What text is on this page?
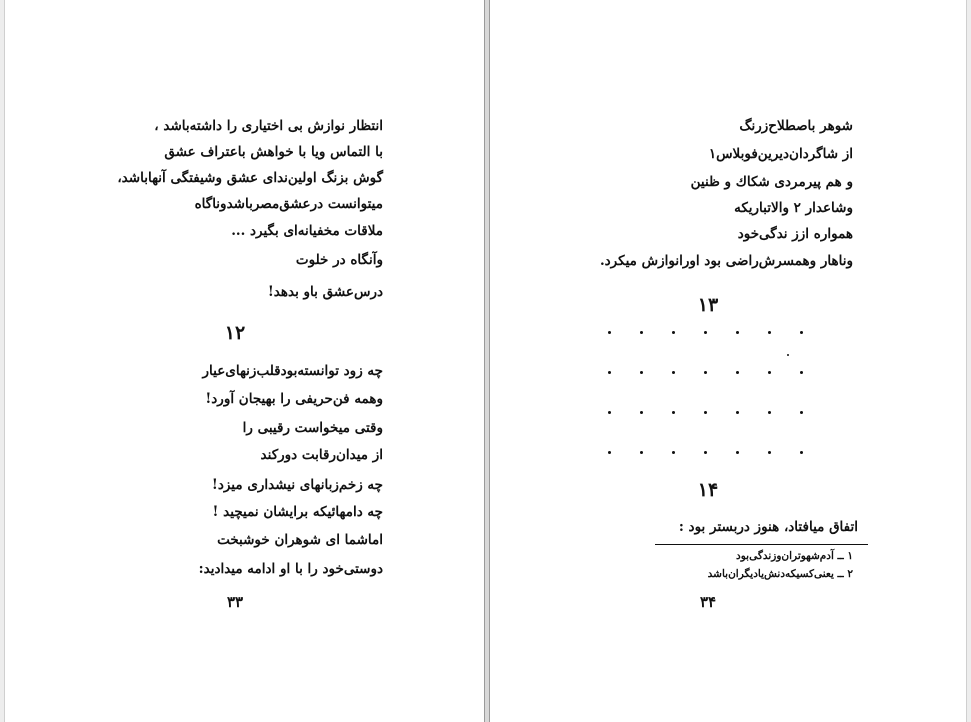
انتظار نوازش بی اختیاری را داشته‌باشد ،
با التماس ویا با خواهش باعتراف عشق
گوش بزنگ اولین‌ندای عشق وشیفتگی آنهاباشد،
میتوانست درعشق‌مصرباشدوناگاه
ملاقات مخفیانه‌ای بگیرد ...
وآنگاه در خلوت
درس‌عشق باو بدهد!
۱۲
چه زود توانسته‌بودقلب‌زنهای‌عیار
وهمه فن‌حریفی را بهیجان آورد!
وقتی میخواست رقیبی را
از میدان‌رقابت دورکند
چه زخم‌زبانهای نیشداری میزد!
چه دامهائیکه برایشان نمیچید !
اماشما ای شوهران خوشبخت
دوستی‌خود را با او ادامه میدادید:
۳۳
شوهر باصطلاح‌زرنگ
از شاگردان‌دیرین‌فوبلاس۱
و هم پیرمردی شکاك و ظنین
وشاعدار ۲ والاتباریکه
همواره ازز ندگی‌خود
وناهار وهمسرش‌راضی بود اورانوازش میکرد.
۱۳
۱۴
اتفاق میافتاد، هنوز دربستر بود :
۱ ــ آدم‌شهوتران‌وزندگی‌بود
۲ ــ یعنی‌کسیکه‌دنش‌یادیگران‌باشد
۳۴
